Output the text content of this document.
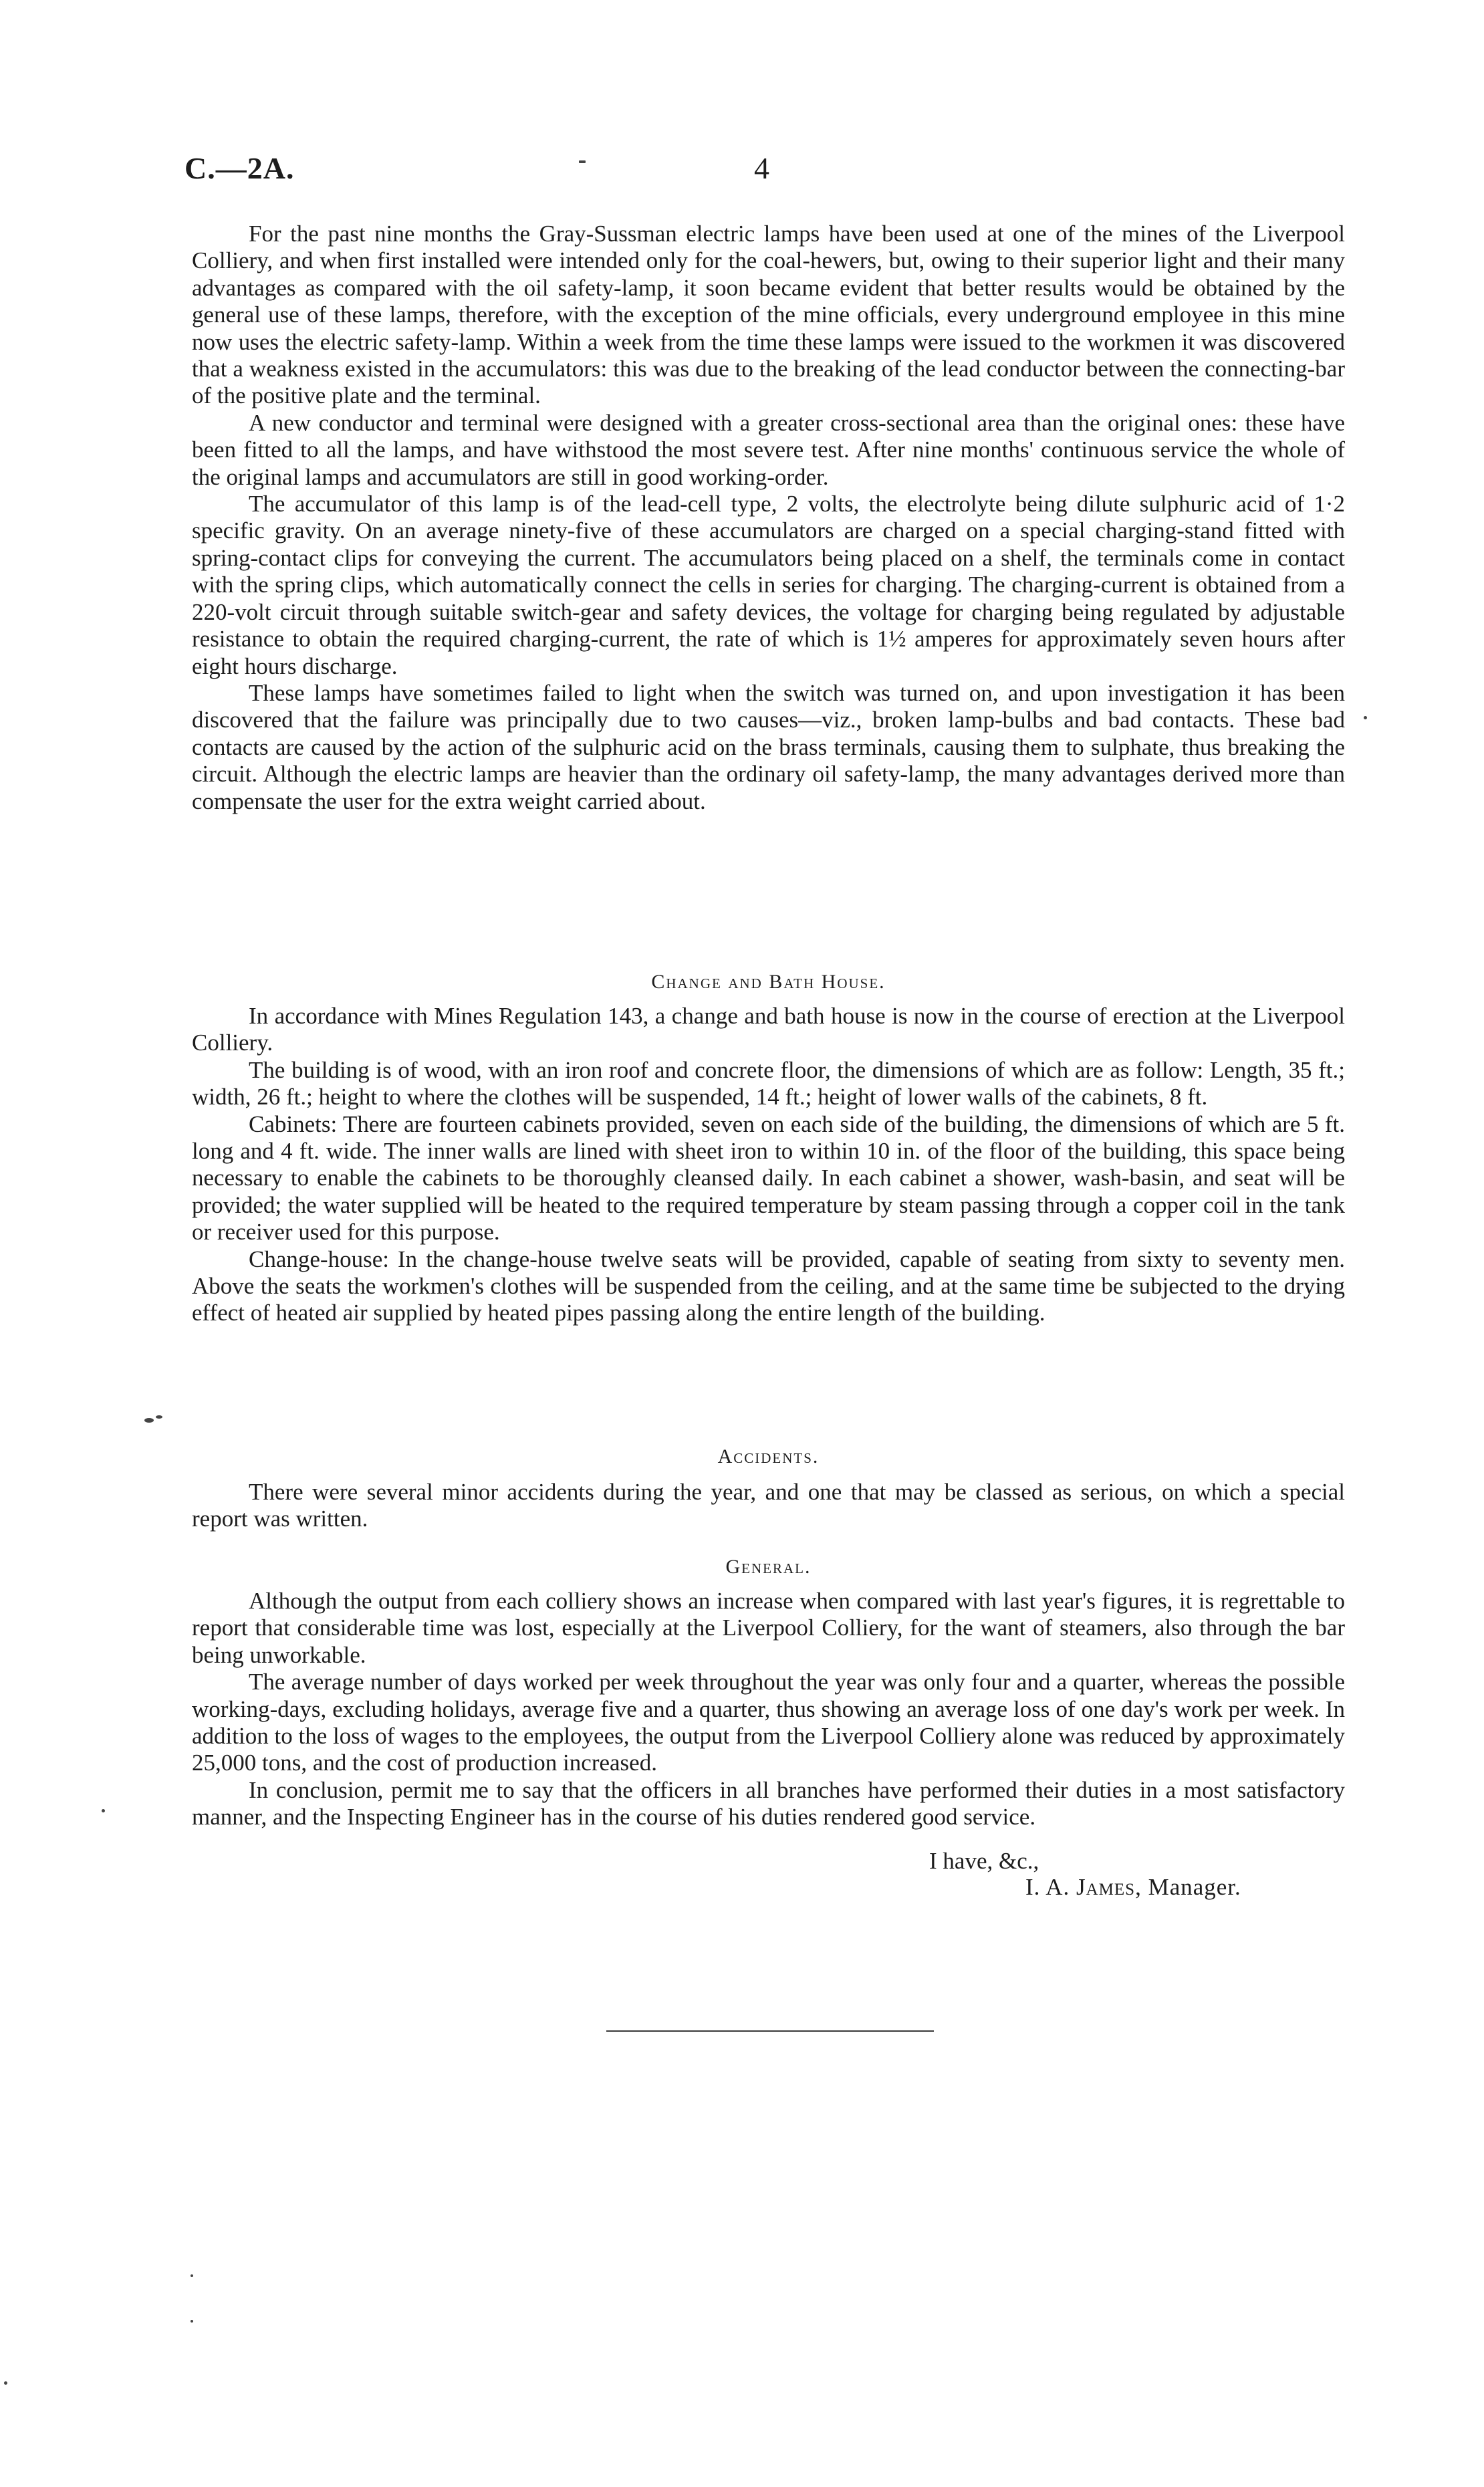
C.—2A.	4

For the past nine months the Gray-Sussman electric lamps have been used at one of the mines of the Liverpool Colliery, and when first installed were intended only for the coal-hewers, but, owing to their superior light and their many advantages as compared with the oil safety-lamp, it soon became evident that better results would be obtained by the general use of these lamps, therefore, with the exception of the mine officials, every underground employee in this mine now uses the electric safety-lamp. Within a week from the time these lamps were issued to the workmen it was discovered that a weakness existed in the accumulators: this was due to the breaking of the lead conductor between the connecting-bar of the positive plate and the terminal.

A new conductor and terminal were designed with a greater cross-sectional area than the original ones: these have been fitted to all the lamps, and have withstood the most severe test. After nine months' continuous service the whole of the original lamps and accumulators are still in good working-order.

The accumulator of this lamp is of the lead-cell type, 2 volts, the electrolyte being dilute sulphuric acid of 1·2 specific gravity. On an average ninety-five of these accumulators are charged on a special charging-stand fitted with spring-contact clips for conveying the current. The accumulators being placed on a shelf, the terminals come in contact with the spring clips, which automatically connect the cells in series for charging. The charging-current is obtained from a 220-volt circuit through suitable switch-gear and safety devices, the voltage for charging being regulated by adjustable resistance to obtain the required charging-current, the rate of which is 1½ amperes for approximately seven hours after eight hours discharge.

These lamps have sometimes failed to light when the switch was turned on, and upon investigation it has been discovered that the failure was principally due to two causes—viz., broken lamp-bulbs and bad contacts. These bad contacts are caused by the action of the sulphuric acid on the brass terminals, causing them to sulphate, thus breaking the circuit. Although the electric lamps are heavier than the ordinary oil safety-lamp, the many advantages derived more than compensate the user for the extra weight carried about.

Change and Bath House.

In accordance with Mines Regulation 143, a change and bath house is now in the course of erection at the Liverpool Colliery.

The building is of wood, with an iron roof and concrete floor, the dimensions of which are as follow: Length, 35 ft.; width, 26 ft.; height to where the clothes will be suspended, 14 ft.; height of lower walls of the cabinets, 8 ft.

Cabinets: There are fourteen cabinets provided, seven on each side of the building, the dimensions of which are 5 ft. long and 4 ft. wide. The inner walls are lined with sheet iron to within 10 in. of the floor of the building, this space being necessary to enable the cabinets to be thoroughly cleansed daily. In each cabinet a shower, wash-basin, and seat will be provided; the water supplied will be heated to the required temperature by steam passing through a copper coil in the tank or receiver used for this purpose.

Change-house: In the change-house twelve seats will be provided, capable of seating from sixty to seventy men. Above the seats the workmen's clothes will be suspended from the ceiling, and at the same time be subjected to the drying effect of heated air supplied by heated pipes passing along the entire length of the building.

Accidents.

There were several minor accidents during the year, and one that may be classed as serious, on which a special report was written.

General.

Although the output from each colliery shows an increase when compared with last year's figures, it is regrettable to report that considerable time was lost, especially at the Liverpool Colliery, for the want of steamers, also through the bar being unworkable.

The average number of days worked per week throughout the year was only four and a quarter, whereas the possible working-days, excluding holidays, average five and a quarter, thus showing an average loss of one day's work per week. In addition to the loss of wages to the employees, the output from the Liverpool Colliery alone was reduced by approximately 25,000 tons, and the cost of production increased.

In conclusion, permit me to say that the officers in all branches have performed their duties in a most satisfactory manner, and the Inspecting Engineer has in the course of his duties rendered good service.

I have, &c.,
I. A. James, Manager.
